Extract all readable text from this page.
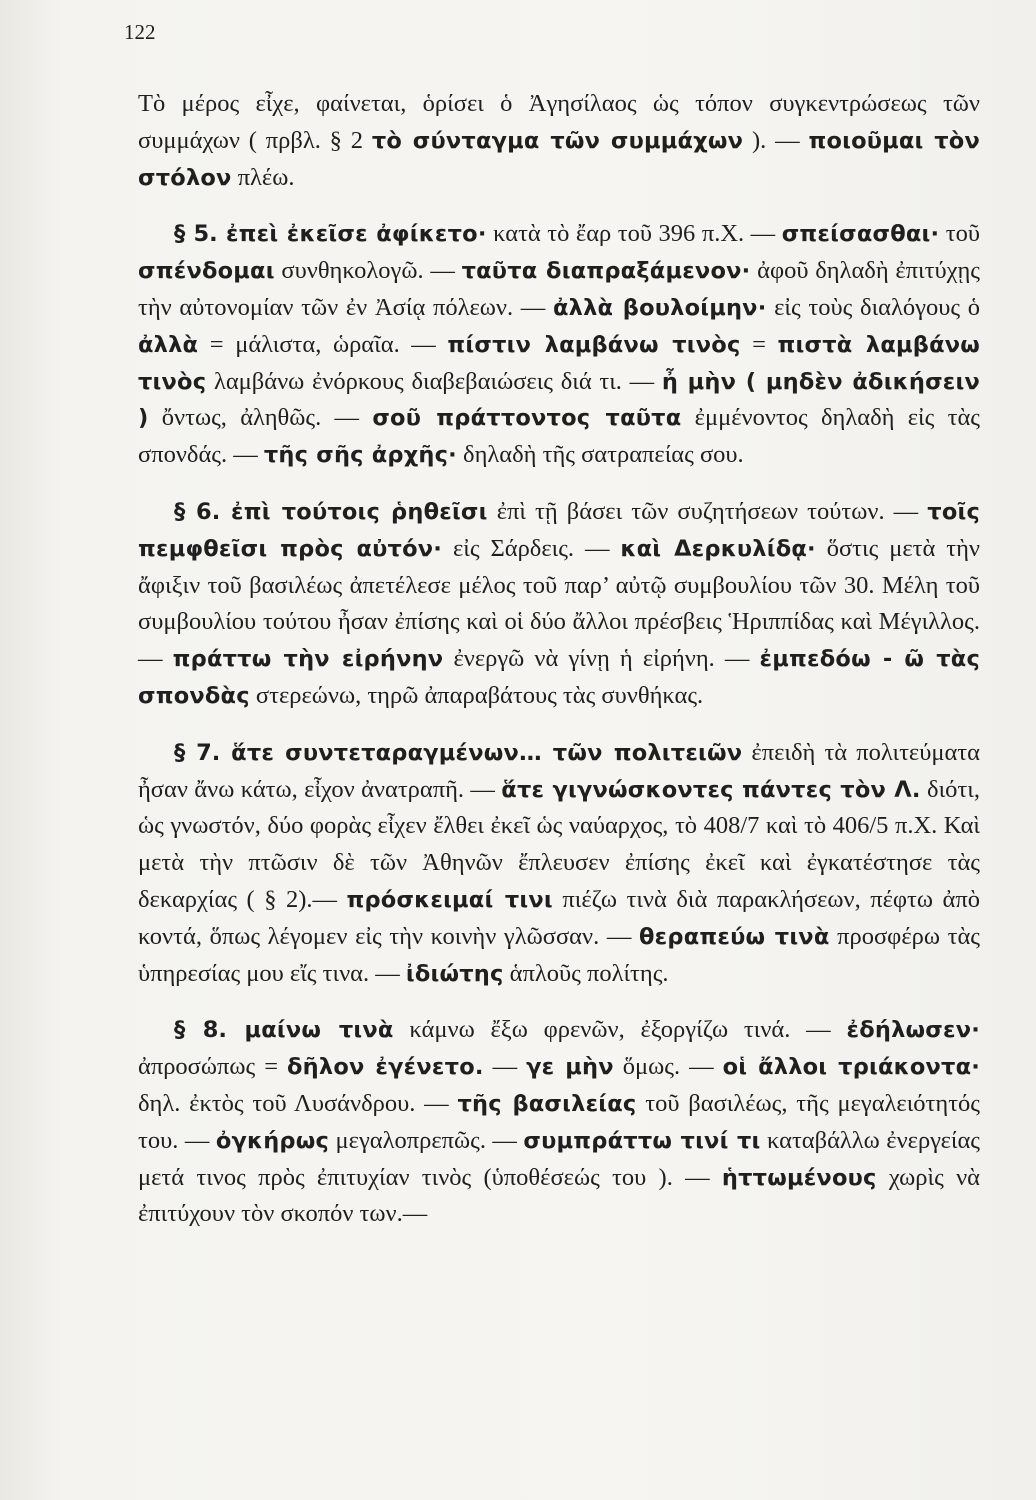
122

Τὸ μέρος εἶχε, φαίνεται, ὁρίσει ὁ Ἀγησίλαος ὡς τόπον συγκεντρώσεως τῶν συμμάχων ( πρβλ. § 2 τὸ σύνταγμα τῶν συμμάχων ). — ποιοῦμαι τὸν στόλον πλέω.

§ 5. ἐπεὶ ἐκεῖσε ἀφίκετο· κατὰ τὸ ἔαρ τοῦ 396 π.Χ. — σπείσασθαι· τοῦ σπένδομαι συνθηκολογῶ. — ταῦτα διαπραξάμενον· ἀφοῦ δηλαδὴ ἐπιτύχῃς τὴν αὐτονομίαν τῶν ἐν Ἀσίᾳ πόλεων. — ἀλλὰ βουλοίμην· εἰς τοὺς διαλόγους ὁ ἀλλὰ = μάλιστα, ὡραῖα. — πίστιν λαμβάνω τινὸς = πιστὰ λαμβάνω τινὸς λαμβάνω ἐνόρκους διαβεβαιώσεις διά τι. — ἦ μὴν ( μηδὲν ἀδικήσειν ) ὄντως, ἀληθῶς. — σοῦ πράττοντος ταῦτα ἐμμένοντος δηλαδὴ εἰς τὰς σπονδάς. — τῆς σῆς ἀρχῆς· δηλαδὴ τῆς σατραπείας σου.

§ 6. ἐπὶ τούτοις ῥηθεῖσι ἐπὶ τῇ βάσει τῶν συζητήσεων τούτων. — τοῖς πεμφθεῖσι πρὸς αὐτόν· εἰς Σάρδεις. — καὶ Δερκυλίδᾳ· ὅστις μετὰ τὴν ἄφιξιν τοῦ βασιλέως ἀπετέλεσε μέλος τοῦ παρ’ αὐτῷ συμβουλίου τῶν 30. Μέλη τοῦ συμβουλίου τούτου ἦσαν ἐπίσης καὶ οἱ δύο ἄλλοι πρέσβεις Ἡριππίδας καὶ Μέγιλλος. — πράττω τὴν εἰρήνην ἐνεργῶ νὰ γίνῃ ἡ εἰρήνη. — ἐμπεδόω - ῶ τὰς σπονδὰς στερεώνω, τηρῶ ἀπαραβάτους τὰς συνθήκας.

§ 7. ἅτε συντεταραγμένων… τῶν πολιτειῶν ἐπειδὴ τὰ πολιτεύματα ἦσαν ἄνω κάτω, εἶχον ἀνατραπῆ. — ἅτε γιγνώσκοντες πάντες τὸν Λ. διότι, ὡς γνωστόν, δύο φορὰς εἶχεν ἔλθει ἐκεῖ ὡς ναύαρχος, τὸ 408/7 καὶ τὸ 406/5 π.Χ. Καὶ μετὰ τὴν πτῶσιν δὲ τῶν Ἀθηνῶν ἔπλευσεν ἐπίσης ἐκεῖ καὶ ἐγκατέστησε τὰς δεκαρχίας ( § 2).— πρόσκειμαί τινι πιέζω τινὰ διὰ παρακλήσεων, πέφτω ἀπὸ κοντά, ὅπως λέγομεν εἰς τὴν κοινὴν γλῶσσαν. — θεραπεύω τινὰ προσφέρω τὰς ὑπηρεσίας μου εἴς τινα. — ἰδιώτης ἁπλοῦς πολίτης.

§ 8. μαίνω τινὰ κάμνω ἔξω φρενῶν, ἐξοργίζω τινά. — ἐδήλωσεν· ἀπροσώπως = δῆλον ἐγένετο. — γε μὴν ὅμως. — οἱ ἄλλοι τριάκοντα· δηλ. ἐκτὸς τοῦ Λυσάνδρου. — τῆς βασιλείας τοῦ βασιλέως, τῆς μεγαλειότητός του. — ὀγκήρως μεγαλοπρεπῶς. — συμπράττω τινί τι καταβάλλω ἐνεργείας μετά τινος πρὸς ἐπιτυχίαν τινὸς (ὑποθέσεώς του ). — ἡττωμένους χωρὶς νὰ ἐπιτύχουν τὸν σκοπόν των.—
